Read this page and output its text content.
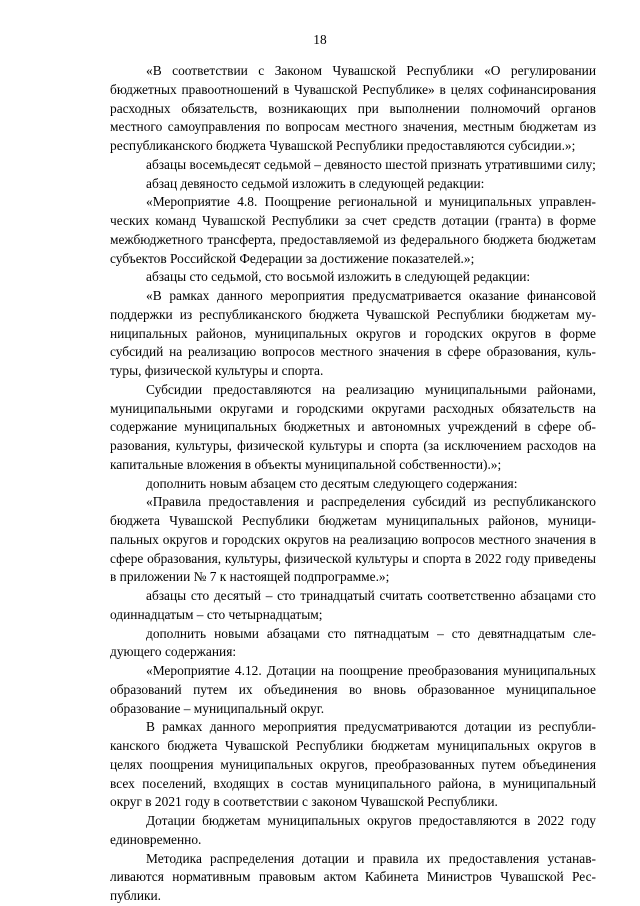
18

«В соответствии с Законом Чувашской Республики «О регулировании бюджетных правоотношений в Чувашской Республике» в целях софинансирования расходных обязательств, возникающих при выполнении полномочий органов местного самоуправления по вопросам местного значения, местным бюджетам из республиканского бюджета Чувашской Республики предоставляются субсидии.»;

абзацы восемьдесят седьмой – девяносто шестой признать утратившими силу;

абзац девяносто седьмой изложить в следующей редакции:

«Мероприятие 4.8. Поощрение региональной и муниципальных управленческих команд Чувашской Республики за счет средств дотации (гранта) в форме межбюджетного трансферта, предоставляемой из федерального бюджета бюджетам субъектов Российской Федерации за достижение показателей.»;

абзацы сто седьмой, сто восьмой изложить в следующей редакции:

«В рамках данного мероприятия предусматривается оказание финансовой поддержки из республиканского бюджета Чувашской Республики бюджетам муниципальных районов, муниципальных округов и городских округов в форме субсидий на реализацию вопросов местного значения в сфере образования, культуры, физической культуры и спорта.

Субсидии предоставляются на реализацию муниципальными районами, муниципальными округами и городскими округами расходных обязательств на содержание муниципальных бюджетных и автономных учреждений в сфере образования, культуры, физической культуры и спорта (за исключением расходов на капитальные вложения в объекты муниципальной собственности).»;

дополнить новым абзацем сто десятым следующего содержания:

«Правила предоставления и распределения субсидий из республиканского бюджета Чувашской Республики бюджетам муниципальных районов, муниципальных округов и городских округов на реализацию вопросов местного значения в сфере образования, культуры, физической культуры и спорта в 2022 году приведены в приложении № 7 к настоящей подпрограмме.»;

абзацы сто десятый – сто тринадцатый считать соответственно абзацами сто одиннадцатым – сто четырнадцатым;

дополнить новыми абзацами сто пятнадцатым – сто девятнадцатым следующего содержания:

«Мероприятие 4.12. Дотации на поощрение преобразования муниципальных образований путем их объединения во вновь образованное муниципальное образование – муниципальный округ.

В рамках данного мероприятия предусматриваются дотации из республиканского бюджета Чувашской Республики бюджетам муниципальных округов в целях поощрения муниципальных округов, преобразованных путем объединения всех поселений, входящих в состав муниципального района, в муниципальный округ в 2021 году в соответствии с законом Чувашской Республики.

Дотации бюджетам муниципальных округов предоставляются в 2022 году единовременно.

Методика распределения дотации и правила их предоставления устанавливаются нормативным правовым актом Кабинета Министров Чувашской Республики.
